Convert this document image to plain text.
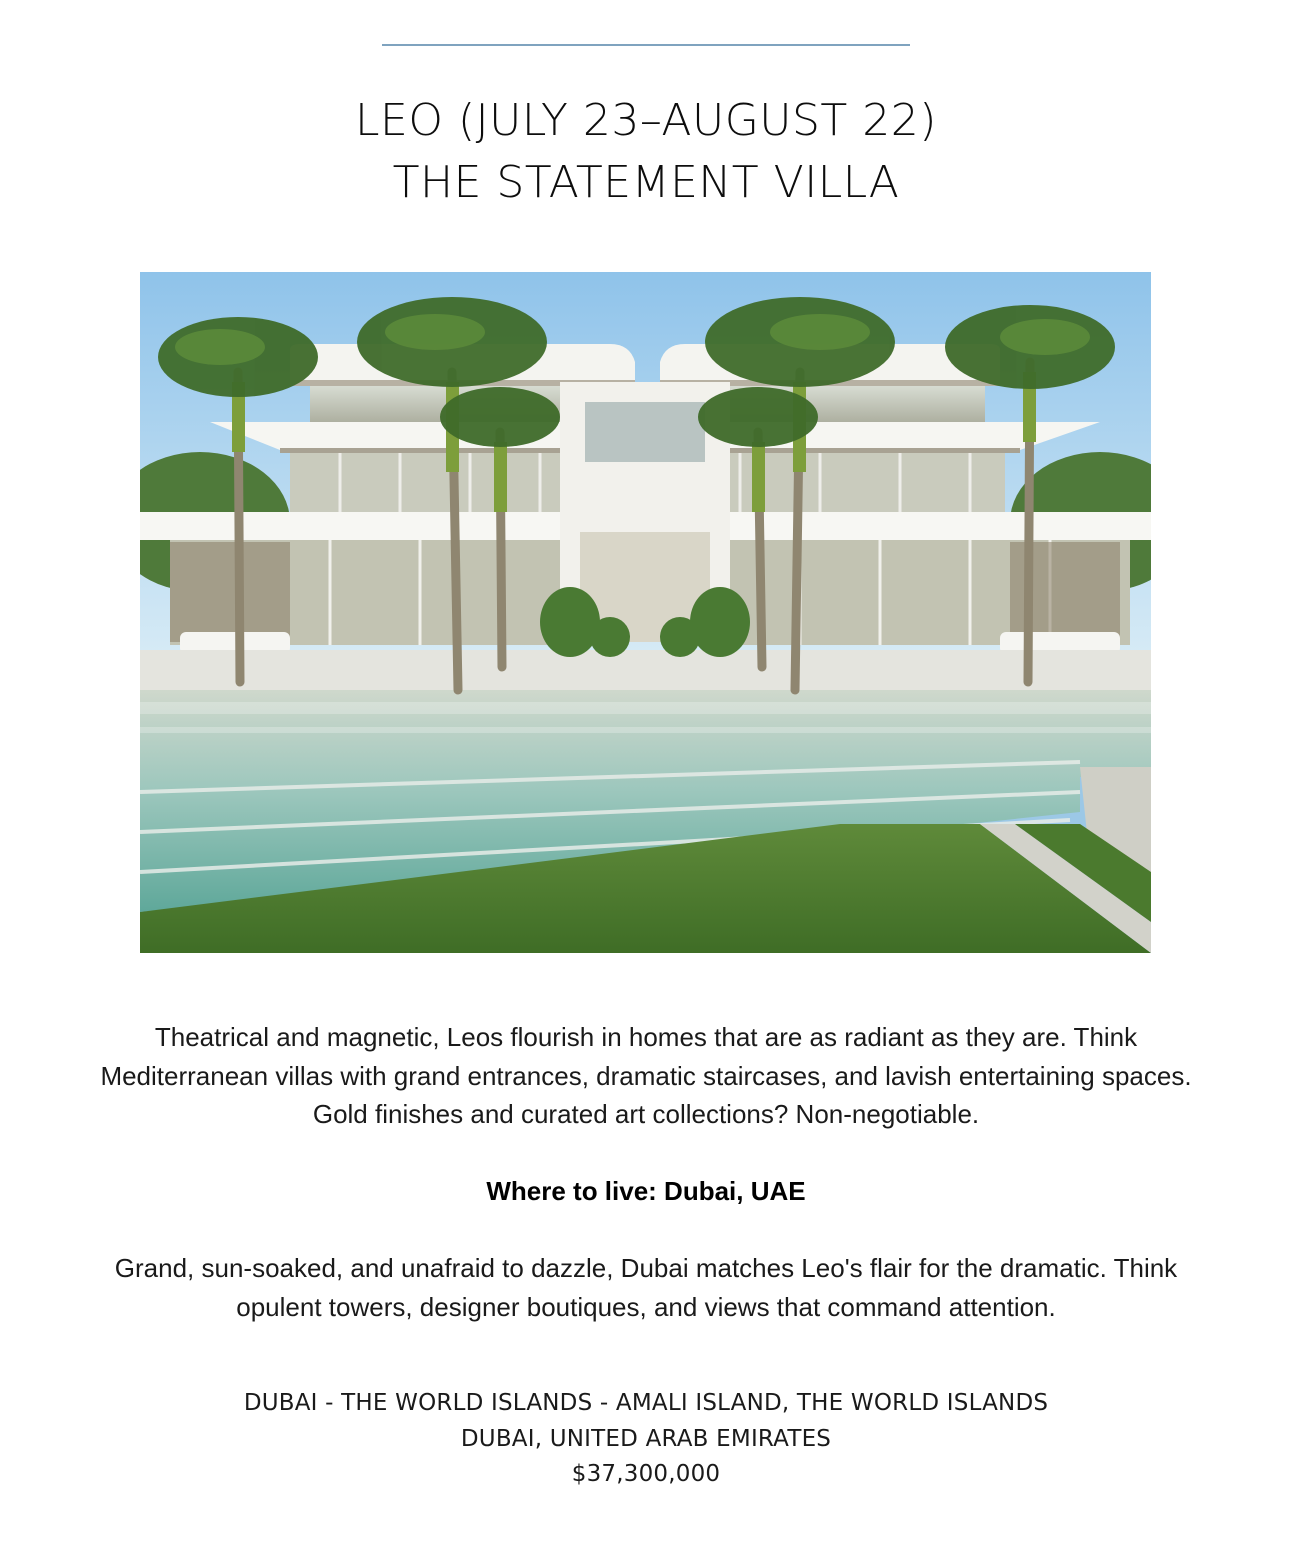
LEO (JULY 23–AUGUST 22)
THE STATEMENT VILLA
Theatrical and magnetic, Leos flourish in homes that are as radiant as they are. Think Mediterranean villas with grand entrances, dramatic staircases, and lavish entertaining spaces. Gold finishes and curated art collections? Non-negotiable.
Where to live: Dubai, UAE
Grand, sun-soaked, and unafraid to dazzle, Dubai matches Leo's flair for the dramatic. Think opulent towers, designer boutiques, and views that command attention.
DUBAI - THE WORLD ISLANDS - AMALI ISLAND, THE WORLD ISLANDS
DUBAI, UNITED ARAB EMIRATES
$37,300,000
